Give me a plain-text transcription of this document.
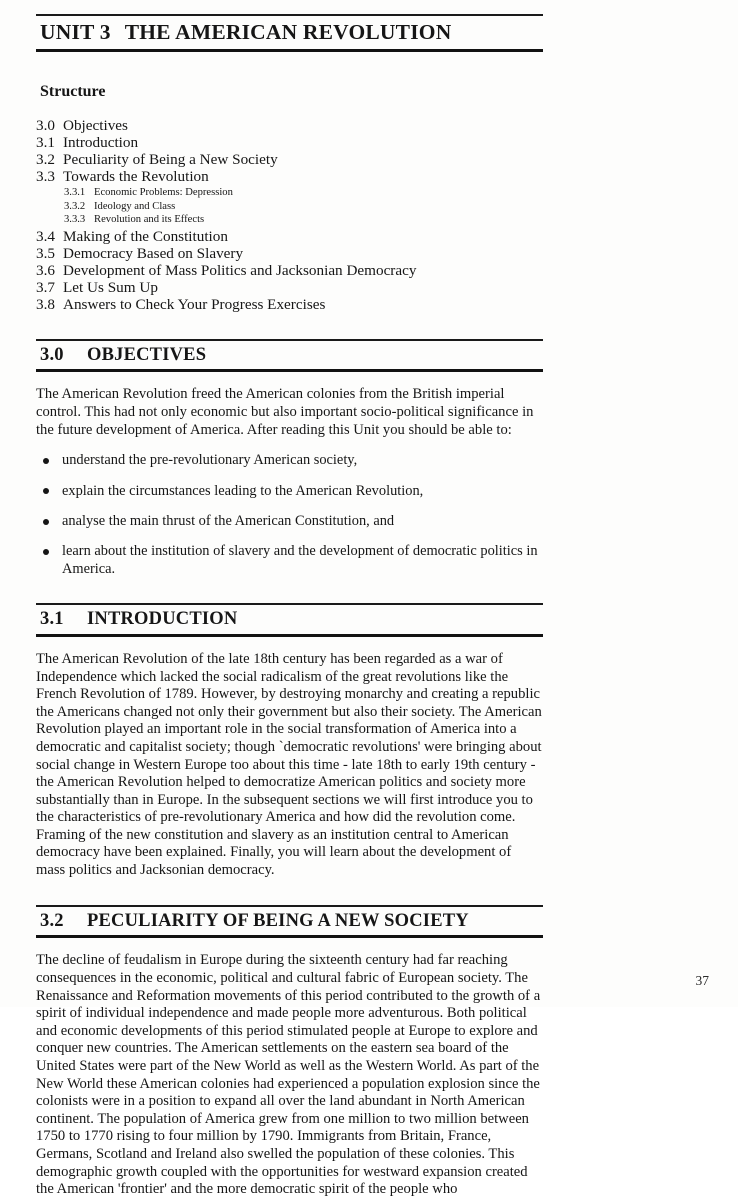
UNIT 3 THE AMERICAN REVOLUTION
Structure
3.0 Objectives
3.1 Introduction
3.2 Peculiarity of Being a New Society
3.3 Towards the Revolution
3.3.1 Economic Problems: Depression
3.3.2 Ideology and Class
3.3.3 Revolution and its Effects
3.4 Making of the Constitution
3.5 Democracy Based on Slavery
3.6 Development of Mass Politics and Jacksonian Democracy
3.7 Let Us Sum Up
3.8 Answers to Check Your Progress Exercises
3.0 OBJECTIVES

The American Revolution freed the American colonies from the British imperial control. This had not only economic but also important socio-political significance in the future development of America. After reading this Unit you should be able to:

understand the pre-revolutionary American society,
explain the circumstances leading to the American Revolution,
analyse the main thrust of the American Constitution, and
learn about the institution of slavery and the development of democratic politics in America.
3.1 INTRODUCTION

The American Revolution of the late 18th century has been regarded as a war of Independence which lacked the social radicalism of the great revolutions like the French Revolution of 1789. However, by destroying monarchy and creating a republic the Americans changed not only their government but also their society. The American Revolution played an important role in the social transformation of America into a democratic and capitalist society; though `democratic revolutions' were bringing about social change in Western Europe too about this time - late 18th to early 19th century - the American Revolution helped to democratize American politics and society more substantially than in Europe. In the subsequent sections we will first introduce you to the characteristics of pre-revolutionary America and how did the revolution come. Framing of the new constitution and slavery as an institution central to American democracy have been explained. Finally, you will learn about the development of mass politics and Jacksonian democracy.

3.2 PECULIARITY OF BEING A NEW SOCIETY

The decline of feudalism in Europe during the sixteenth century had far reaching consequences in the economic, political and cultural fabric of European society. The Renaissance and Reformation movements of this period contributed to the growth of a spirit of individual independence and made people more adventurous. Both political and economic developments of this period stimulated people at Europe to explore and conquer new countries. The American settlements on the eastern sea board of the United States were part of the New World as well as the Western World. As part of the New World these American colonies had experienced a population explosion since the colonists were in a position to expand all over the land abundant in North American continent. The population of America grew from one million to two million between 1750 to 1770 rising to four million by 1790. Immigrants from Britain, France, Germans, Scotland and Ireland also swelled the population of these colonies. This demographic growth coupled with the opportunities for westward expansion created the American 'frontier' and the more democratic spirit of the people who

37
